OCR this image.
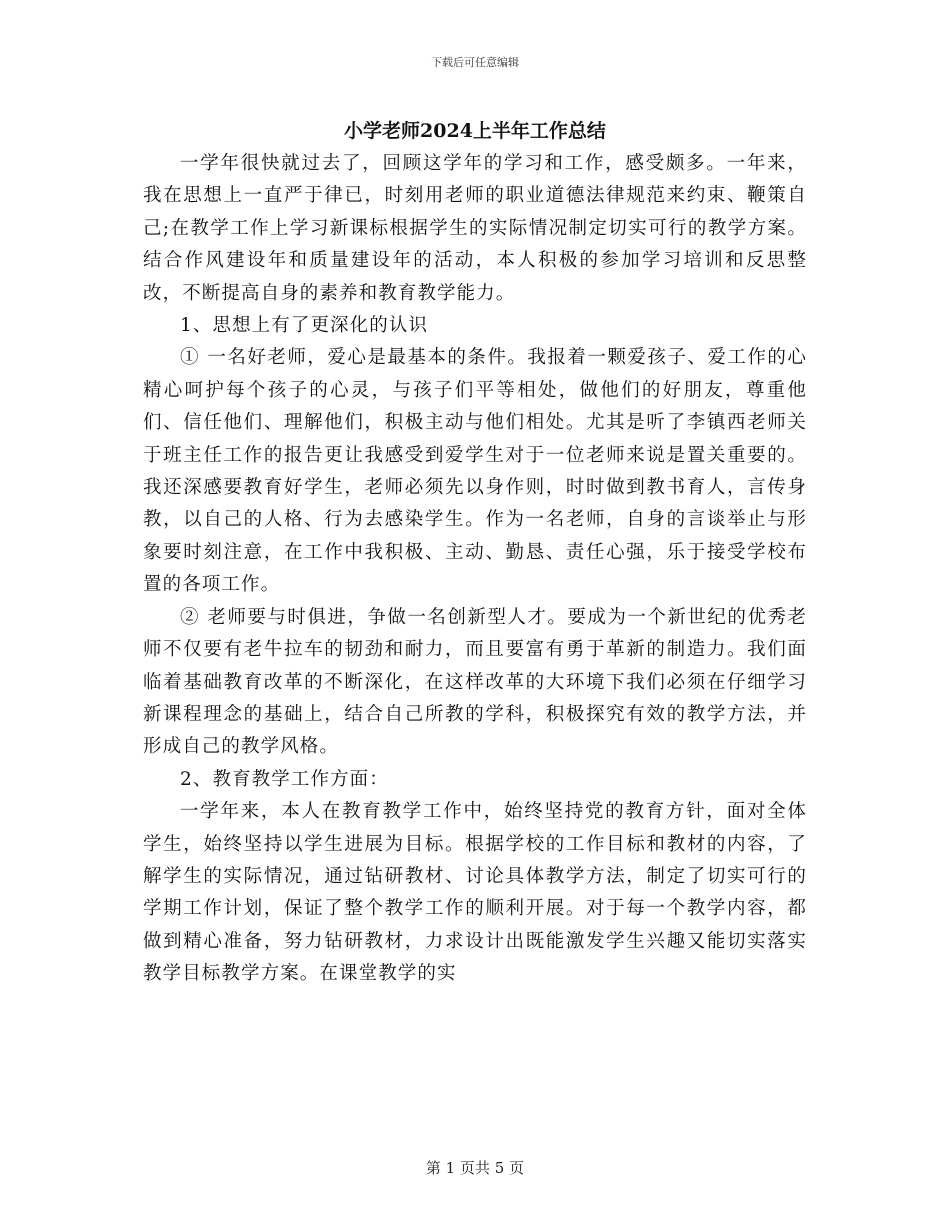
下载后可任意编辑
小学老师2024上半年工作总结

一学年很快就过去了，回顾这学年的学习和工作，感受颇多。一年来，我在思想上一直严于律已，时刻用老师的职业道德法律规范来约束、鞭策自己;在教学工作上学习新课标根据学生的实际情况制定切实可行的教学方案。结合作风建设年和质量建设年的活动，本人积极的参加学习培训和反思整改，不断提高自身的素养和教育教学能力。

1、思想上有了更深化的认识

① 一名好老师，爱心是最基本的条件。我报着一颗爱孩子、爱工作的心精心呵护每个孩子的心灵，与孩子们平等相处，做他们的好朋友，尊重他们、信任他们、理解他们，积极主动与他们相处。尤其是听了李镇西老师关于班主任工作的报告更让我感受到爱学生对于一位老师来说是置关重要的。我还深感要教育好学生，老师必须先以身作则，时时做到教书育人，言传身教，以自己的人格、行为去感染学生。作为一名老师，自身的言谈举止与形象要时刻注意，在工作中我积极、主动、勤恳、责任心强，乐于接受学校布置的各项工作。

② 老师要与时俱进，争做一名创新型人才。要成为一个新世纪的优秀老师不仅要有老牛拉车的韧劲和耐力，而且要富有勇于革新的制造力。我们面临着基础教育改革的不断深化，在这样改革的大环境下我们必须在仔细学习新课程理念的基础上，结合自己所教的学科，积极探究有效的教学方法，并形成自己的教学风格。

2、教育教学工作方面：

一学年来，本人在教育教学工作中，始终坚持党的教育方针，面对全体学生，始终坚持以学生进展为目标。根据学校的工作目标和教材的内容，了解学生的实际情况，通过钻研教材、讨论具体教学方法，制定了切实可行的学期工作计划，保证了整个教学工作的顺利开展。对于每一个教学内容，都做到精心准备，努力钻研教材，力求设计出既能激发学生兴趣又能切实落实教学目标教学方案。在课堂教学的实

第 1 页共 5 页
